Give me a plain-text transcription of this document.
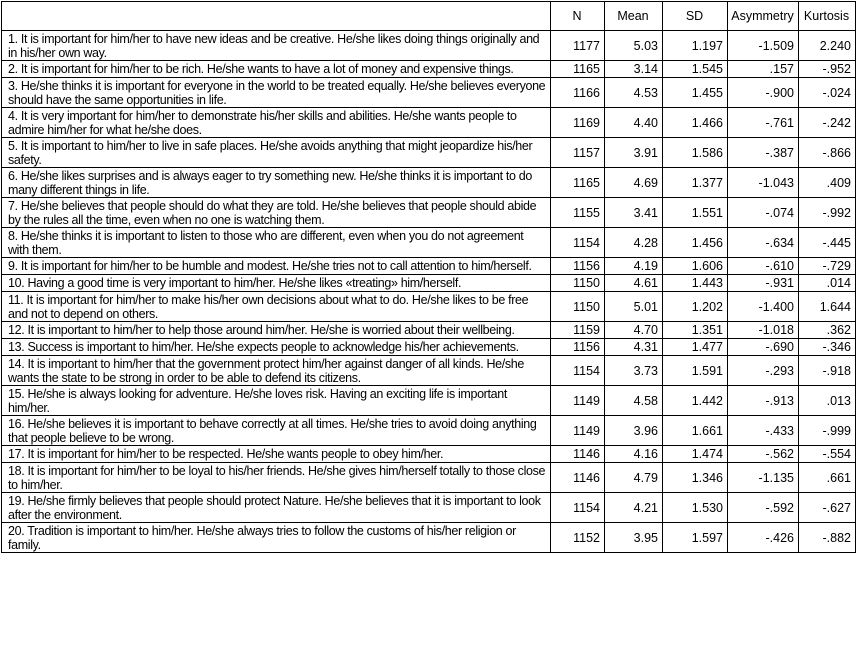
	N	Mean	SD	Asymmetry	Kurtosis
1. It is important for him/her to have new ideas and be creative. He/she likes doing things originally and in his/her own way.	1177	5.03	1.197	-1.509	2.240
2. It is important for him/her to be rich. He/she wants to have a lot of money and expensive things.	1165	3.14	1.545	.157	-.952
3. He/she thinks it is important for everyone in the world to be treated equally. He/she believes everyone should have the same opportunities in life.	1166	4.53	1.455	-.900	-.024
4. It is very important for him/her to demonstrate his/her skills and abilities. He/she wants people to admire him/her for what he/she does.	1169	4.40	1.466	-.761	-.242
5. It is important to him/her to live in safe places. He/she avoids anything that might jeopardize his/her safety.	1157	3.91	1.586	-.387	-.866
6. He/she likes surprises and is always eager to try something new. He/she thinks it is important to do many different things in life.	1165	4.69	1.377	-1.043	.409
7. He/she believes that people should do what they are told. He/she believes that people should abide by the rules all the time, even when no one is watching them.	1155	3.41	1.551	-.074	-.992
8. He/she thinks it is important to listen to those who are different, even when you do not agreement with them.	1154	4.28	1.456	-.634	-.445
9. It is important for him/her to be humble and modest. He/she tries not to call attention to him/herself.	1156	4.19	1.606	-.610	-.729
10. Having a good time is very important to him/her. He/she likes «treating» him/herself.	1150	4.61	1.443	-.931	.014
11. It is important for him/her to make his/her own decisions about what to do. He/she likes to be free and not to depend on others.	1150	5.01	1.202	-1.400	1.644
12. It is important to him/her to help those around him/her. He/she is worried about their wellbeing.	1159	4.70	1.351	-1.018	.362
13. Success is important to him/her. He/she expects people to acknowledge his/her achievements.	1156	4.31	1.477	-.690	-.346
14. It is important to him/her that the government protect him/her against danger of all kinds. He/she wants the state to be strong in order to be able to defend its citizens.	1154	3.73	1.591	-.293	-.918
15. He/she is always looking for adventure. He/she loves risk. Having an exciting life is important him/her.	1149	4.58	1.442	-.913	.013
16. He/she believes it is important to behave correctly at all times. He/she tries to avoid doing anything that people believe to be wrong.	1149	3.96	1.661	-.433	-.999
17. It is important for him/her to be respected. He/she wants people to obey him/her.	1146	4.16	1.474	-.562	-.554
18. It is important for him/her to be loyal to his/her friends. He/she gives him/herself totally to those close to him/her.	1146	4.79	1.346	-1.135	.661
19. He/she firmly believes that people should protect Nature. He/she believes that it is important to look after the environment.	1154	4.21	1.530	-.592	-.627
20. Tradition is important to him/her. He/she always tries to follow the customs of his/her religion or family.	1152	3.95	1.597	-.426	-.882
